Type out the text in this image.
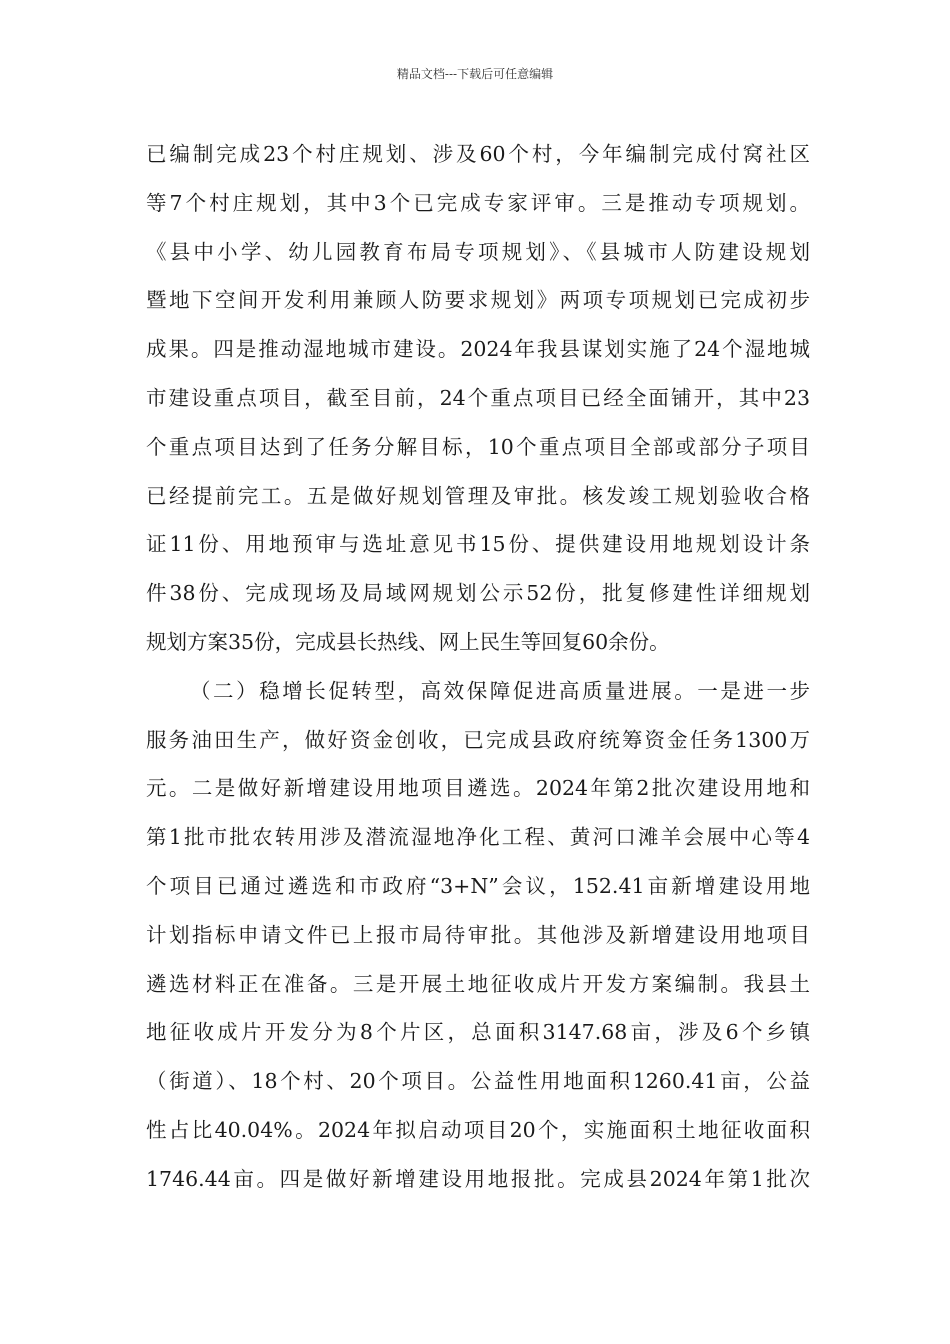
精品文档---下载后可任意编辑
已编制完成23个村庄规划、涉及60个村，今年编制完成付窝社区
等7个村庄规划，其中3个已完成专家评审。三是推动专项规划。
《县中小学、幼儿园教育布局专项规划》、《县城市人防建设规划
暨地下空间开发利用兼顾人防要求规划》两项专项规划已完成初步
成果。四是推动湿地城市建设。2024年我县谋划实施了24个湿地城
市建设重点项目，截至目前，24个重点项目已经全面铺开，其中23
个重点项目达到了任务分解目标，10个重点项目全部或部分子项目
已经提前完工。五是做好规划管理及审批。核发竣工规划验收合格
证11份、用地预审与选址意见书15份、提供建设用地规划设计条
件38份、完成现场及局域网规划公示52份，批复修建性详细规划
规划方案35份，完成县长热线、网上民生等回复60余份。
（二）稳增长促转型，高效保障促进高质量进展。一是进一步
服务油田生产，做好资金创收，已完成县政府统筹资金任务1300万
元。二是做好新增建设用地项目遴选。2024年第2批次建设用地和
第1批市批农转用涉及潜流湿地净化工程、黄河口滩羊会展中心等4
个项目已通过遴选和市政府“3+N”会议，152.41亩新增建设用地
计划指标申请文件已上报市局待审批。其他涉及新增建设用地项目
遴选材料正在准备。三是开展土地征收成片开发方案编制。我县土
地征收成片开发分为8个片区，总面积3147.68亩，涉及6个乡镇
（街道）、18个村、20个项目。公益性用地面积1260.41亩，公益
性占比40.04%。2024年拟启动项目20个，实施面积土地征收面积
1746.44亩。四是做好新增建设用地报批。完成县2024年第1批次
